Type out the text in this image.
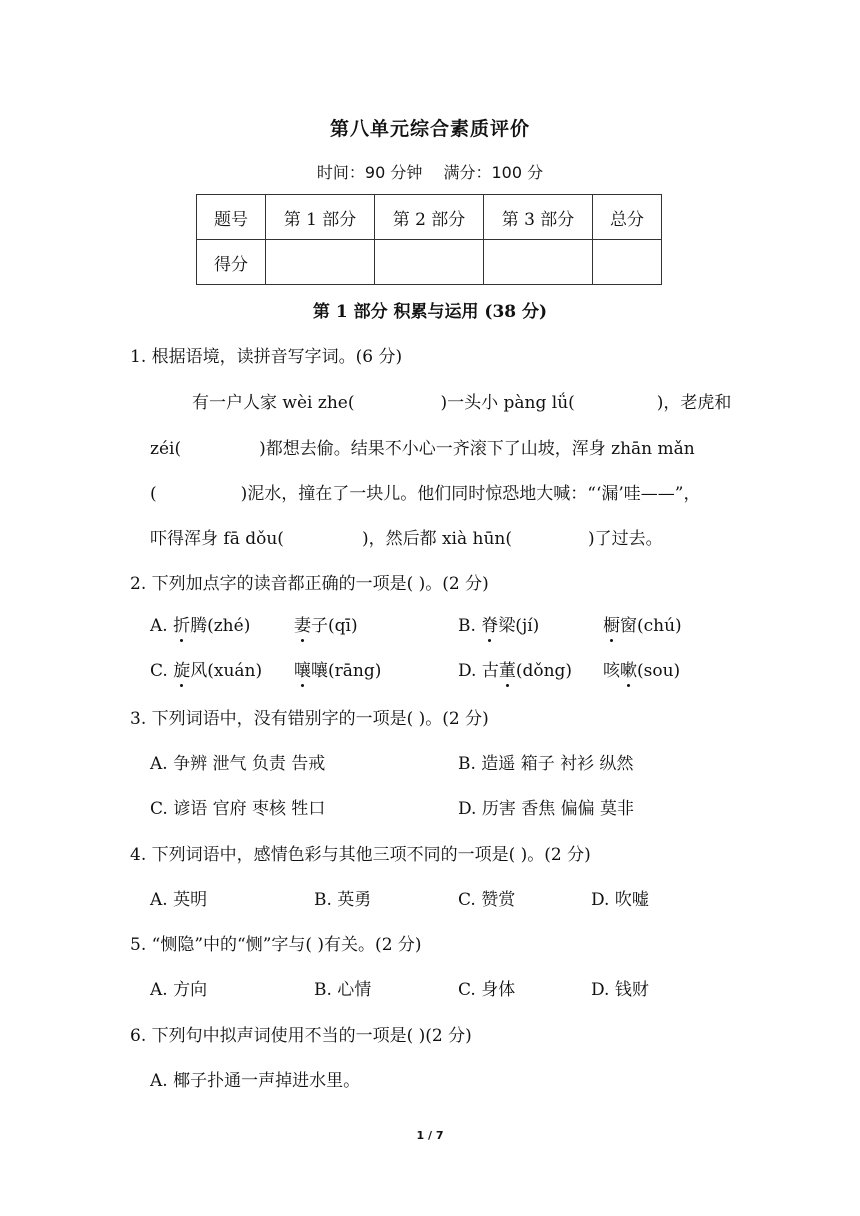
第八单元综合素质评价
时间：90 分钟 满分：100 分
题号	第 1 部分	第 2 部分	第 3 部分	总分
得分				
第 1 部分 积累与运用 (38 分)
1. 根据语境，读拼音写字词。(6 分)
有一户人家 wèi zhe(	)一头小 pàng lǘ(	)，老虎和
zéi(	)都想去偷。结果不小心一齐滚下了山坡，浑身 zhān mǎn
(	)泥水，撞在了一块儿。他们同时惊恐地大喊：“‘漏’哇——”，
吓得浑身 fā dǒu(	)，然后都 xià hūn(	)了过去。
2. 下列加点字的读音都正确的一项是( )。(2 分)
A. 折腾(zhé)	妻子(qī)	B. 脊梁(jí)	橱窗(chú)
C. 旋风(xuán) 嚷嚷(rāng)	D. 古董(dǒng) 咳嗽(sou)
3. 下列词语中，没有错别字的一项是( )。(2 分)
A. 争辨 泄气 负责 告戒	B. 造遥 箱子 衬衫 纵然
C. 谚语 官府 枣核 牲口	D. 历害 香焦 偏偏 莫非
4. 下列词语中，感情色彩与其他三项不同的一项是( )。(2 分)
A. 英明	B. 英勇	C. 赞赏	D. 吹嘘
5. “恻隐”中的“恻”字与( )有关。(2 分)
A. 方向	B. 心情	C. 身体	D. 钱财
6. 下列句中拟声词使用不当的一项是( )(2 分)
A. 椰子扑通一声掉进水里。
1 / 7
